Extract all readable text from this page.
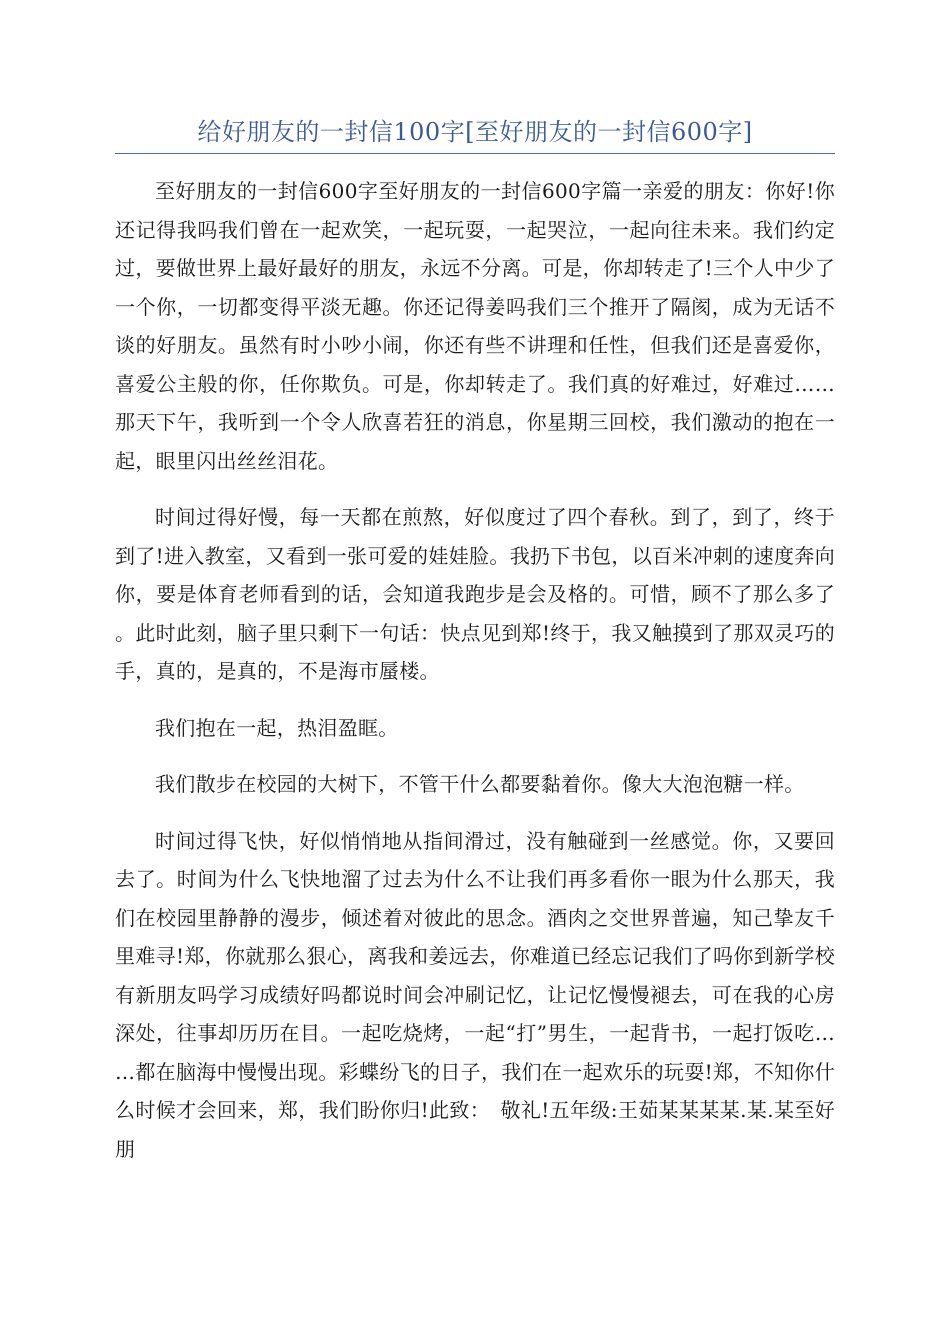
给好朋友的一封信100字[至好朋友的一封信600字]

至好朋友的一封信600字至好朋友的一封信600字篇一亲爱的朋友：你好!你还记得我吗我们曾在一起欢笑，一起玩耍，一起哭泣，一起向往未来。我们约定过，要做世界上最好最好的朋友，永远不分离。可是，你却转走了!三个人中少了一个你，一切都变得平淡无趣。你还记得姜吗我们三个推开了隔阂，成为无话不谈的好朋友。虽然有时小吵小闹，你还有些不讲理和任性，但我们还是喜爱你，喜爱公主般的你，任你欺负。可是，你却转走了。我们真的好难过，好难过……那天下午，我听到一个令人欣喜若狂的消息，你星期三回校，我们激动的抱在一起，眼里闪出丝丝泪花。

时间过得好慢，每一天都在煎熬，好似度过了四个春秋。到了，到了，终于到了!进入教室，又看到一张可爱的娃娃脸。我扔下书包，以百米冲刺的速度奔向你，要是体育老师看到的话，会知道我跑步是会及格的。可惜，顾不了那么多了。此时此刻，脑子里只剩下一句话：快点见到郑!终于，我又触摸到了那双灵巧的手，真的，是真的，不是海市蜃楼。

我们抱在一起，热泪盈眶。

我们散步在校园的大树下，不管干什么都要黏着你。像大大泡泡糖一样。

时间过得飞快，好似悄悄地从指间滑过，没有触碰到一丝感觉。你，又要回去了。时间为什么飞快地溜了过去为什么不让我们再多看你一眼为什么那天，我们在校园里静静的漫步，倾述着对彼此的思念。酒肉之交世界普遍，知己挚友千里难寻!郑，你就那么狠心，离我和姜远去，你难道已经忘记我们了吗你到新学校有新朋友吗学习成绩好吗都说时间会冲刷记忆，让记忆慢慢褪去，可在我的心房深处，往事却历历在目。一起吃烧烤，一起“打”男生，一起背书，一起打饭吃……都在脑海中慢慢出现。彩蝶纷飞的日子，我们在一起欢乐的玩耍!郑，不知你什么时候才会回来，郑，我们盼你归!此致：　敬礼!五年级:王茹某某某某.某.某至好朋
